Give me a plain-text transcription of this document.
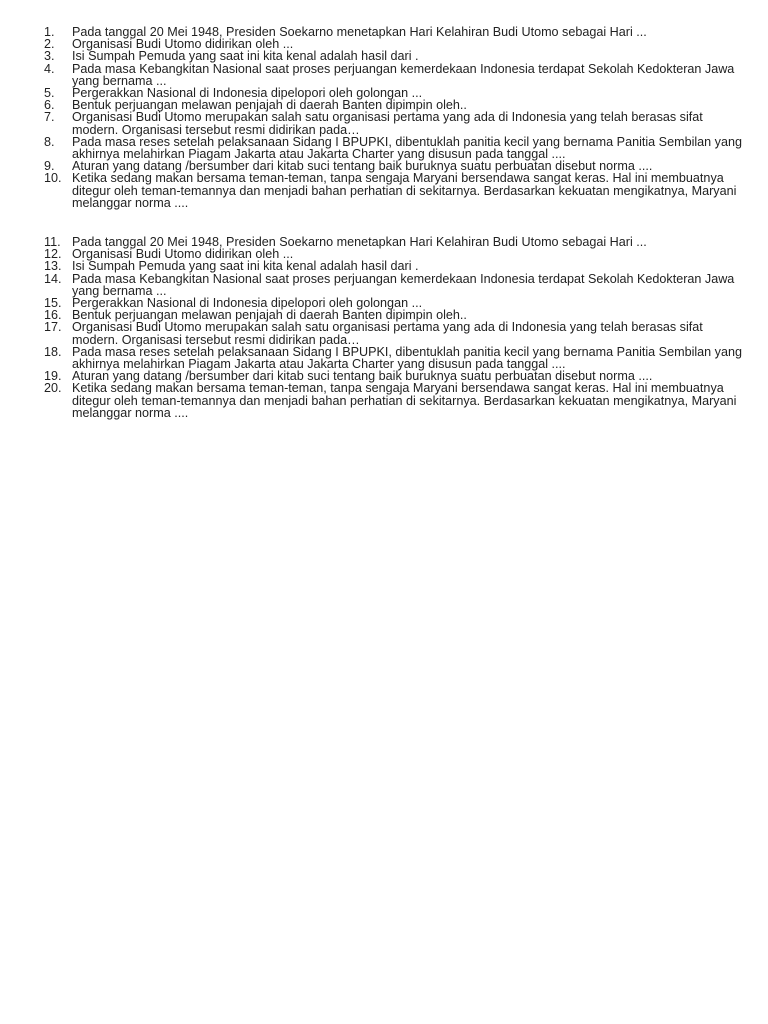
1.	Pada tanggal 20 Mei 1948, Presiden Soekarno menetapkan Hari Kelahiran Budi Utomo sebagai Hari ...
2.	Organisasi Budi Utomo didirikan oleh ...
3.	Isi Sumpah Pemuda yang saat ini kita kenal adalah hasil dari .
4.	Pada masa Kebangkitan Nasional saat proses perjuangan kemerdekaan Indonesia terdapat Sekolah Kedokteran Jawa yang bernama ...
5.	Pergerakkan Nasional di Indonesia dipelopori oleh golongan ...
6.	Bentuk perjuangan melawan penjajah di daerah Banten dipimpin oleh..
7.	Organisasi Budi Utomo merupakan salah satu organisasi pertama yang ada di Indonesia yang telah berasas sifat modern. Organisasi tersebut resmi didirikan pada…
8.	Pada masa reses setelah pelaksanaan Sidang I BPUPKI, dibentuklah panitia kecil yang bernama Panitia Sembilan yang akhirnya melahirkan Piagam Jakarta atau Jakarta Charter yang disusun pada tanggal ....
9.	Aturan yang datang /bersumber dari kitab suci tentang baik buruknya suatu perbuatan disebut norma ....
10. Ketika sedang makan bersama teman-teman, tanpa sengaja Maryani bersendawa sangat keras. Hal ini membuatnya ditegur oleh teman-temannya dan menjadi bahan perhatian di sekitarnya. Berdasarkan kekuatan mengikatnya, Maryani melanggar norma ....
11. Pada tanggal 20 Mei 1948, Presiden Soekarno menetapkan Hari Kelahiran Budi Utomo sebagai Hari ...
12. Organisasi Budi Utomo didirikan oleh ...
13. Isi Sumpah Pemuda yang saat ini kita kenal adalah hasil dari .
14. Pada masa Kebangkitan Nasional saat proses perjuangan kemerdekaan Indonesia terdapat Sekolah Kedokteran Jawa yang bernama ...
15. Pergerakkan Nasional di Indonesia dipelopori oleh golongan ...
16. Bentuk perjuangan melawan penjajah di daerah Banten dipimpin oleh..
17. Organisasi Budi Utomo merupakan salah satu organisasi pertama yang ada di Indonesia yang telah berasas sifat modern. Organisasi tersebut resmi didirikan pada…
18. Pada masa reses setelah pelaksanaan Sidang I BPUPKI, dibentuklah panitia kecil yang bernama Panitia Sembilan yang akhirnya melahirkan Piagam Jakarta atau Jakarta Charter yang disusun pada tanggal ....
19. Aturan yang datang /bersumber dari kitab suci tentang baik buruknya suatu perbuatan disebut norma ....
20. Ketika sedang makan bersama teman-teman, tanpa sengaja Maryani bersendawa sangat keras. Hal ini membuatnya ditegur oleh teman-temannya dan menjadi bahan perhatian di sekitarnya. Berdasarkan kekuatan mengikatnya, Maryani melanggar norma ....
